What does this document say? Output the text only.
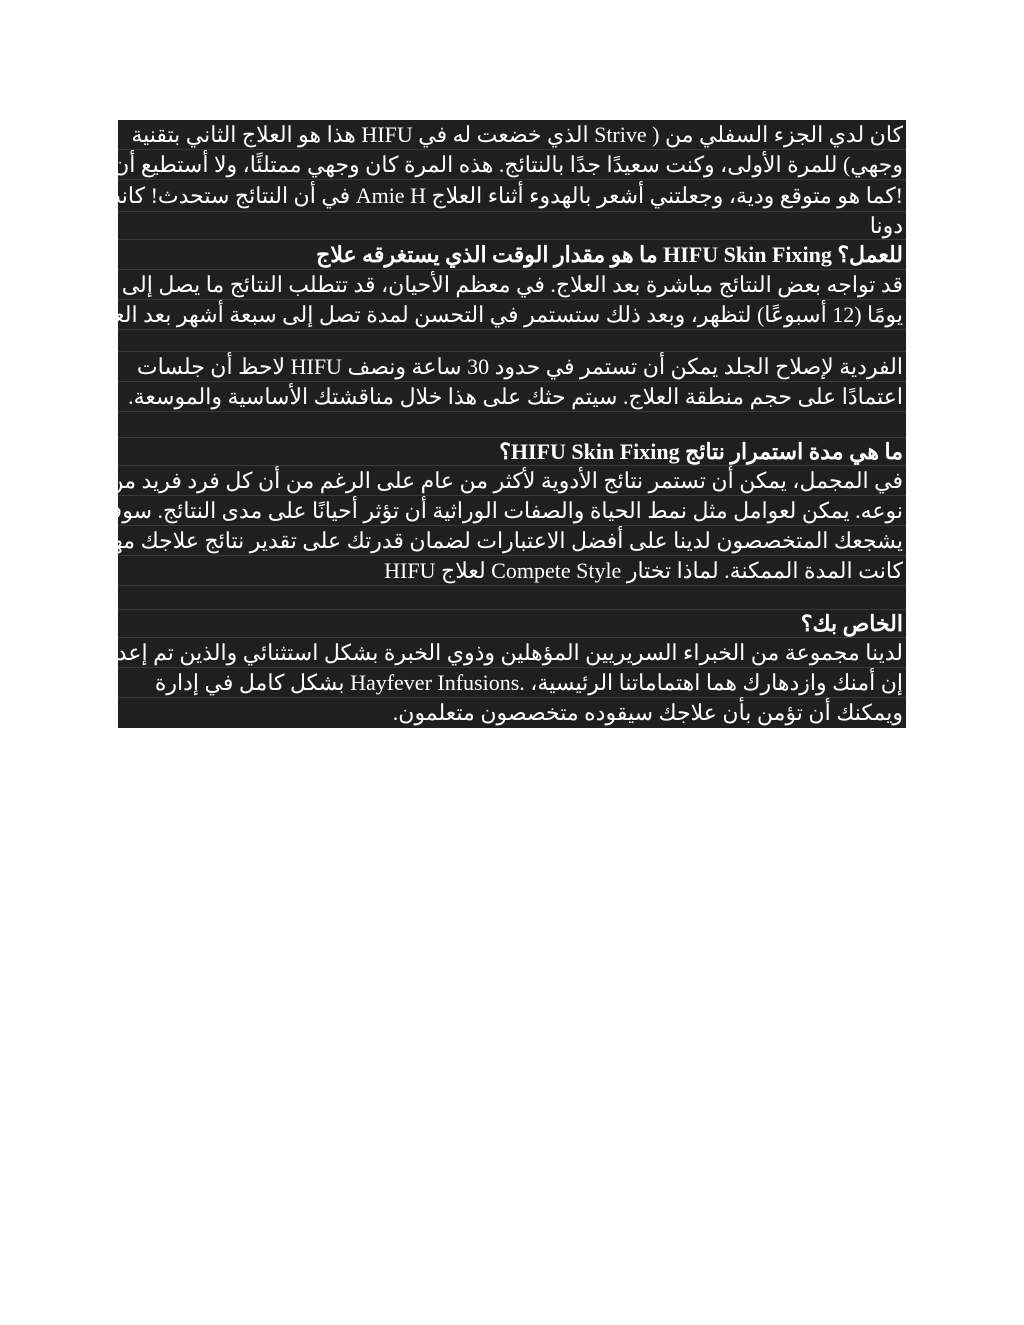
كان لدي الجزء السفلي من ( Strive الذي خضعت له في HIFU هذا هو العلاج الثاني بتقنية
وجهي) للمرة الأولى، وكنت سعيدًا جدًا بالنتائج. هذه المرة كان وجهي ممتلئًا، ولا أستطيع أن أثق
!كما هو متوقع ودية، وجعلتني أشعر بالهدوء أثناء العلاج Amie H في أن النتائج ستحدث! كانت
دونا
للعمل؟ HIFU Skin Fixing ما هو مقدار الوقت الذي يستغرقه علاج
قد تواجه بعض النتائج مباشرة بعد العلاج. في معظم الأحيان، قد تتطلب النتائج ما يصل إلى 90
يومًا (12 أسبوعًا) لتظهر، وبعد ذلك ستستمر في التحسن لمدة تصل إلى سبعة أشهر بعد العلاج.
الفردية لإصلاح الجلد يمكن أن تستمر في حدود 30 ساعة ونصف HIFU لاحظ أن جلسات
اعتمادًا على حجم منطقة العلاج. سيتم حثك على هذا خلال مناقشتك الأساسية والموسعة.
ما هي مدة استمرار نتائج HIFU Skin Fixing؟
في المجمل، يمكن أن تستمر نتائج الأدوية لأكثر من عام على الرغم من أن كل فرد فريد من
نوعه. يمكن لعوامل مثل نمط الحياة والصفات الوراثية أن تؤثر أحيانًا على مدى النتائج. سوف
يشجعك المتخصصون لدينا على أفضل الاعتبارات لضمان قدرتك على تقدير نتائج علاجك مهما
HIFU لعلاج Compete Style كانت المدة الممكنة. لماذا تختار
الخاص بك؟
لدينا مجموعة من الخبراء السريريين المؤهلين وذوي الخبرة بشكل استثنائي والذين تم إعدادهم
إن أمنك وازدهارك هما اهتماماتنا الرئيسية، .Hayfever Infusions بشكل كامل في إدارة
ويمكنك أن تؤمن بأن علاجك سيقوده متخصصون متعلمون.
